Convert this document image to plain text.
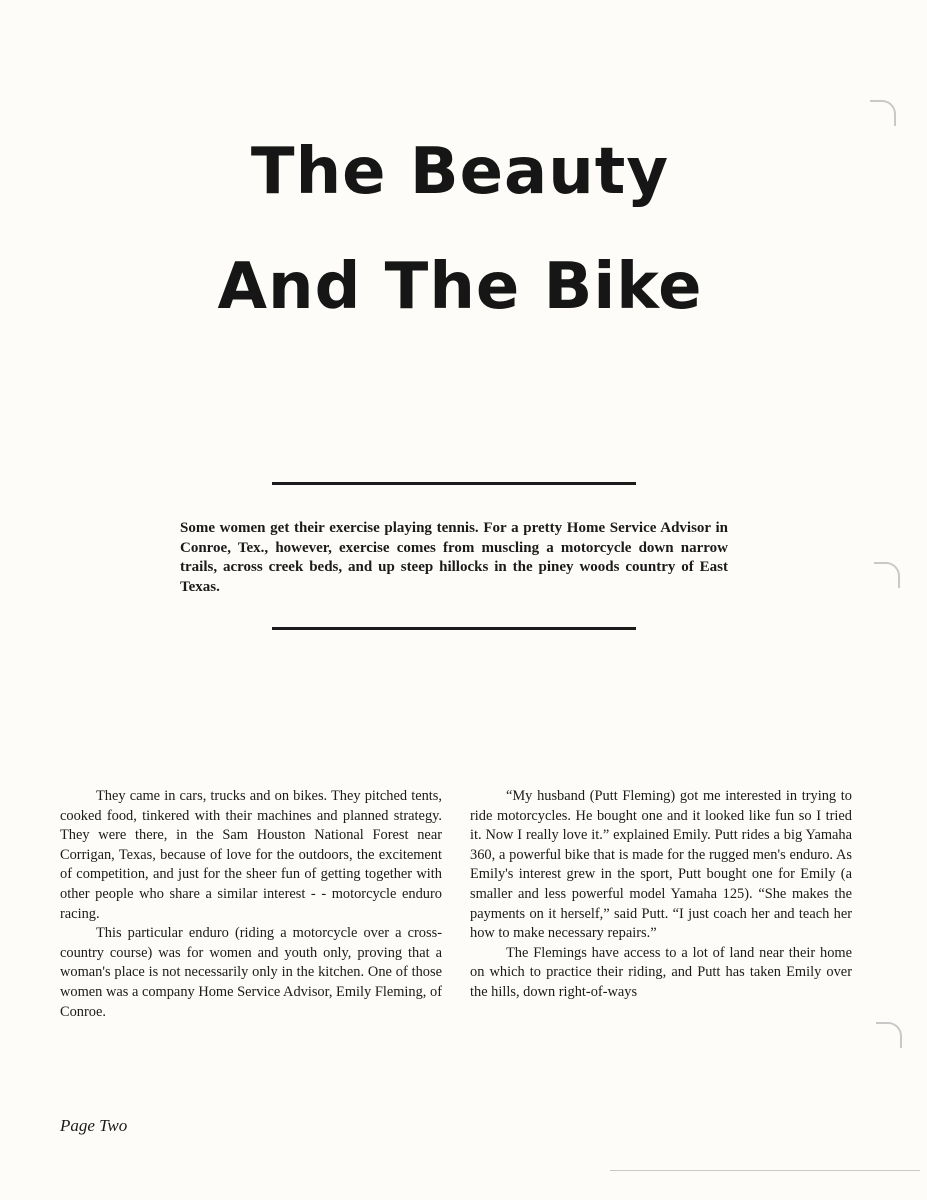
The Beauty
And The Bike
Some women get their exercise playing tennis. For a pretty Home Service Advisor in Conroe, Tex., however, exercise comes from muscling a motorcycle down narrow trails, across creek beds, and up steep hillocks in the piney woods country of East Texas.

They came in cars, trucks and on bikes. They pitched tents, cooked food, tinkered with their machines and planned strategy. They were there, in the Sam Houston National Forest near Corrigan, Texas, because of love for the outdoors, the excitement of competition, and just for the sheer fun of getting together with other people who share a similar interest - - motorcycle enduro racing.

This particular enduro (riding a motorcycle over a cross-country course) was for women and youth only, proving that a woman's place is not necessarily only in the kitchen. One of those women was a company Home Service Advisor, Emily Fleming, of Conroe.

“My husband (Putt Fleming) got me interested in trying to ride motorcycles. He bought one and it looked like fun so I tried it. Now I really love it.” explained Emily. Putt rides a big Yamaha 360, a powerful bike that is made for the rugged men's enduro. As Emily's interest grew in the sport, Putt bought one for Emily (a smaller and less powerful model Yamaha 125). “She makes the payments on it herself,” said Putt. “I just coach her and teach her how to make necessary repairs.”

The Flemings have access to a lot of land near their home on which to practice their riding, and Putt has taken Emily over the hills, down right-of-ways

Page Two
